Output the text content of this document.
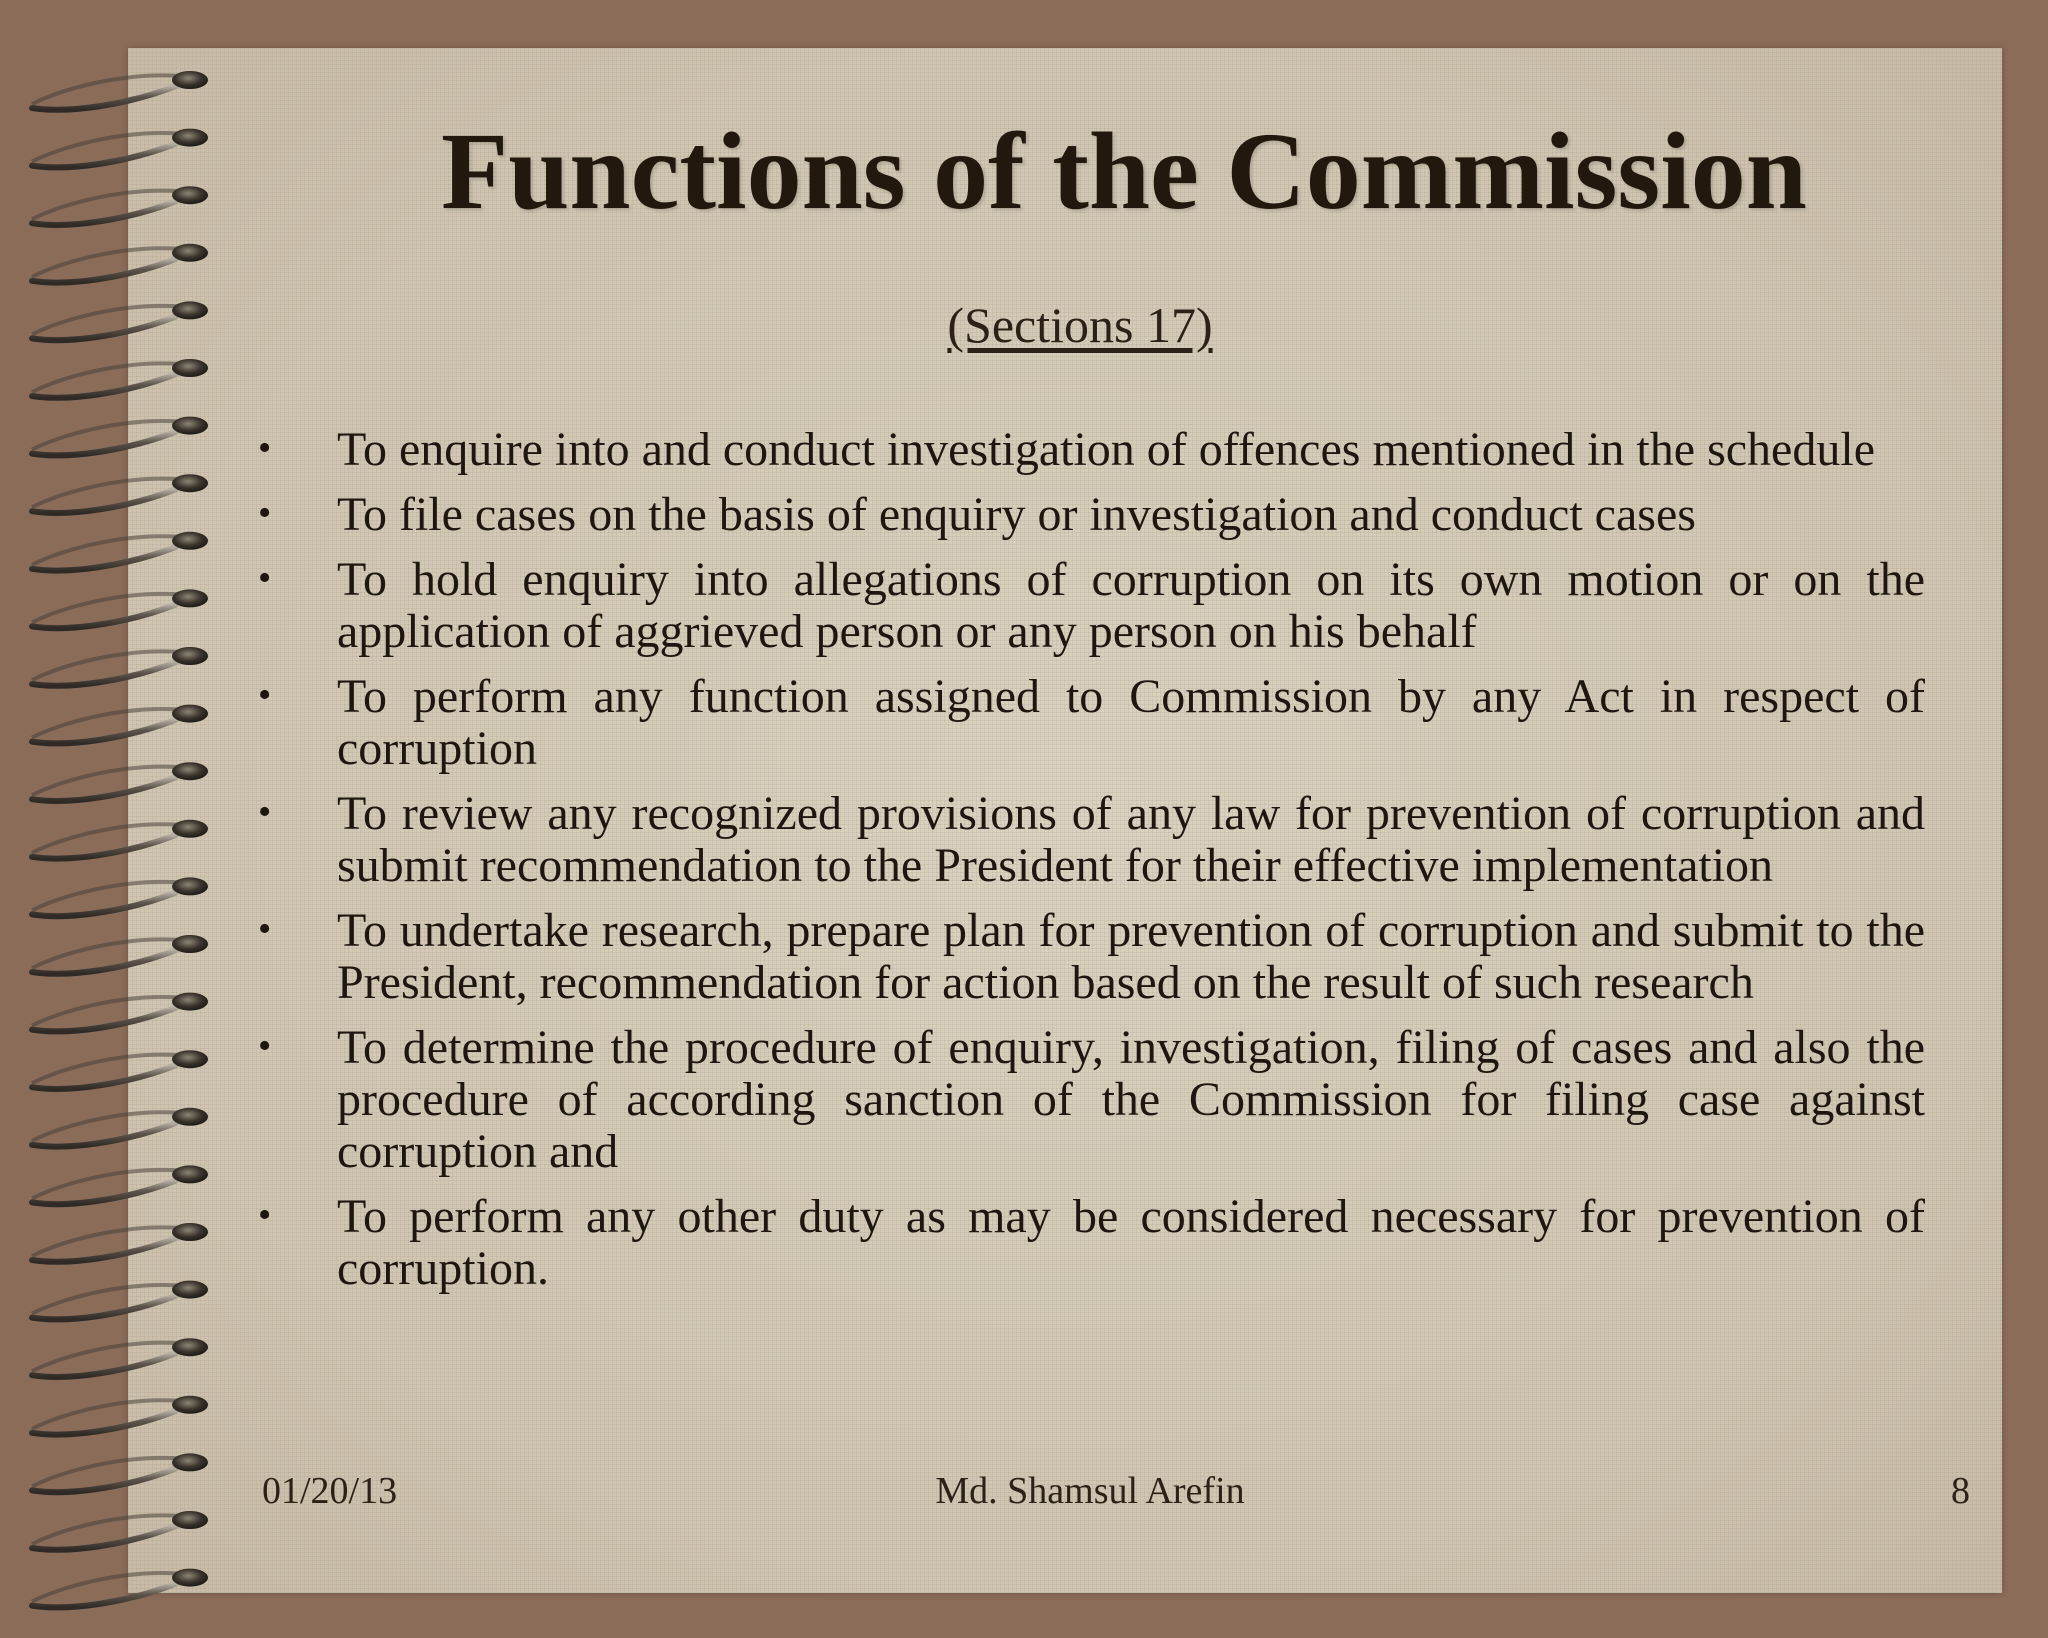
Functions of the Commission
(Sections 17)
• To enquire into and conduct investigation of offences mentioned in the schedule
• To file cases on the basis of enquiry or investigation and conduct cases
• To hold enquiry into allegations of corruption on its own motion or on the application of aggrieved person or any person on his behalf
• To perform any function assigned to Commission by any Act in respect of corruption
• To review any recognized provisions of any law for prevention of corruption and submit recommendation to the President for their effective implementation
• To undertake research, prepare plan for prevention of corruption and submit to the President, recommendation for action based on the result of such research
• To determine the procedure of enquiry, investigation, filing of cases and also the procedure of according sanction of the Commission for filing case against corruption and
• To perform any other duty as may be considered necessary for prevention of corruption.
01/20/13	Md. Shamsul Arefin	8
